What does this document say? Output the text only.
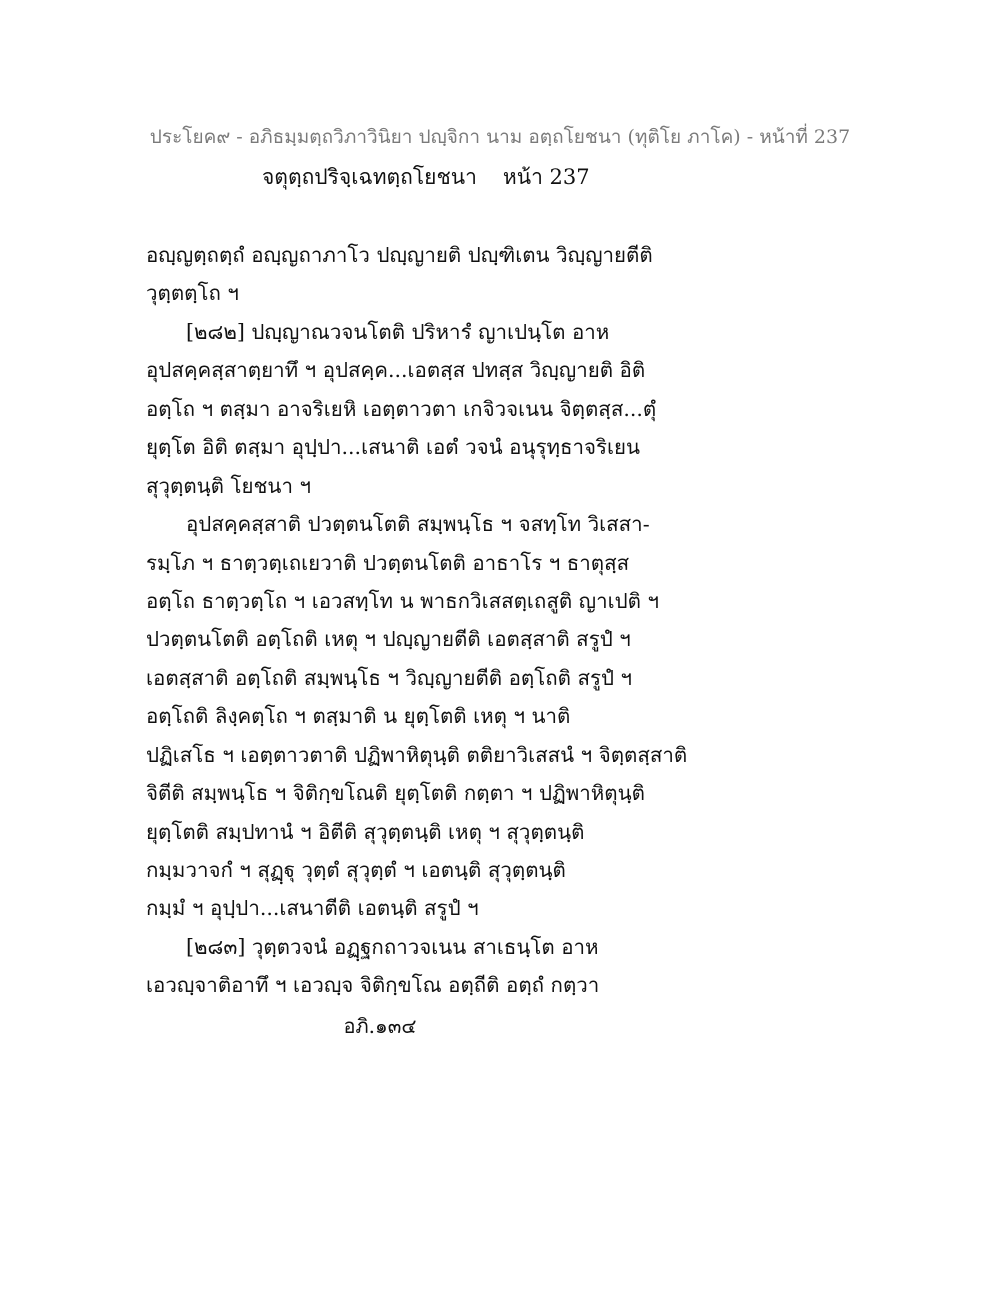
ประโยค๙ - อภิธมฺมตฺถวิภาวินิยา ปญฺจิกา นาม อตฺถโยชนา (ทุติโย ภาโค) - หน้าที่ 237
จตุตฺถปริจฺเฉทตฺถโยชนา หน้า 237
อญฺญตฺถตฺถํ อญฺญถาภาโว ปญฺญายติ ปญฺฑิเตน วิญฺญายตีติ
วุตฺตตฺโถ ฯ
[๒๘๒] ปญฺญาณวจนโตติ ปริหารํ ญาเปนฺโต อาห
อุปสคฺคสฺสาตฺยาทึ ฯ อุปสคฺค...เอตสฺส ปทสฺส วิญฺญายติ อิติ
อตฺโถ ฯ ตสฺมา อาจริเยหิ เอตฺตาวตา เกจิวจเนน จิตฺตสฺส...ตุํ
ยุตฺโต อิติ ตสฺมา อุปฺปา...เสนาติ เอตํ วจนํ อนุรุทฺธาจริเยน
สุวุตฺตนฺติ โยชนา ฯ
อุปสคฺคสฺสาติ ปวตฺตนโตติ สมฺพนฺโธ ฯ จสทฺโท วิเสสา-
รมฺโภ ฯ ธาตฺวตฺเถเยวาติ ปวตฺตนโตติ อาธาโร ฯ ธาตุสฺส
อตฺโถ ธาตฺวตฺโถ ฯ เอวสทฺโท น พาธกวิเสสตฺเถสูติ ญาเปติ ฯ
ปวตฺตนโตติ อตฺโถติ เหตุ ฯ ปญฺญายตีติ เอตสฺสาติ สรูปํ ฯ
เอตสฺสาติ อตฺโถติ สมฺพนฺโธ ฯ วิญฺญายตีติ อตฺโถติ สรูปํ ฯ
อตฺโถติ ลิงฺคตฺโถ ฯ ตสฺมาติ น ยุตฺโตติ เหตุ ฯ นาติ
ปฏิเสโธ ฯ เอตฺตาวตาติ ปฏิพาหิตุนฺติ ตติยาวิเสสนํ ฯ จิตฺตสฺสาติ
จิตีติ สมฺพนฺโธ ฯ จิติกฺขโณติ ยุตฺโตติ กตฺตา ฯ ปฏิพาหิตุนฺติ
ยุตฺโตติ สมฺปทานํ ฯ อิตีติ สุวุตฺตนฺติ เหตุ ฯ สุวุตฺตนฺติ
กมฺมวาจกํ ฯ สุฏฺฐุ วุตฺตํ สุวุตฺตํ ฯ เอตนฺติ สุวุตฺตนฺติ
กมฺมํ ฯ อุปฺปา...เสนาตีติ เอตนฺติ สรูปํ ฯ
[๒๘๓] วุตฺตวจนํ อฏฺฐกถาวจเนน สาเธนฺโต อาห
เอวญฺจาติอาทึ ฯ เอวญฺจ จิติกฺขโณ อตฺถีติ อตฺถํ กตฺวา
อภิ.๑๓๔
